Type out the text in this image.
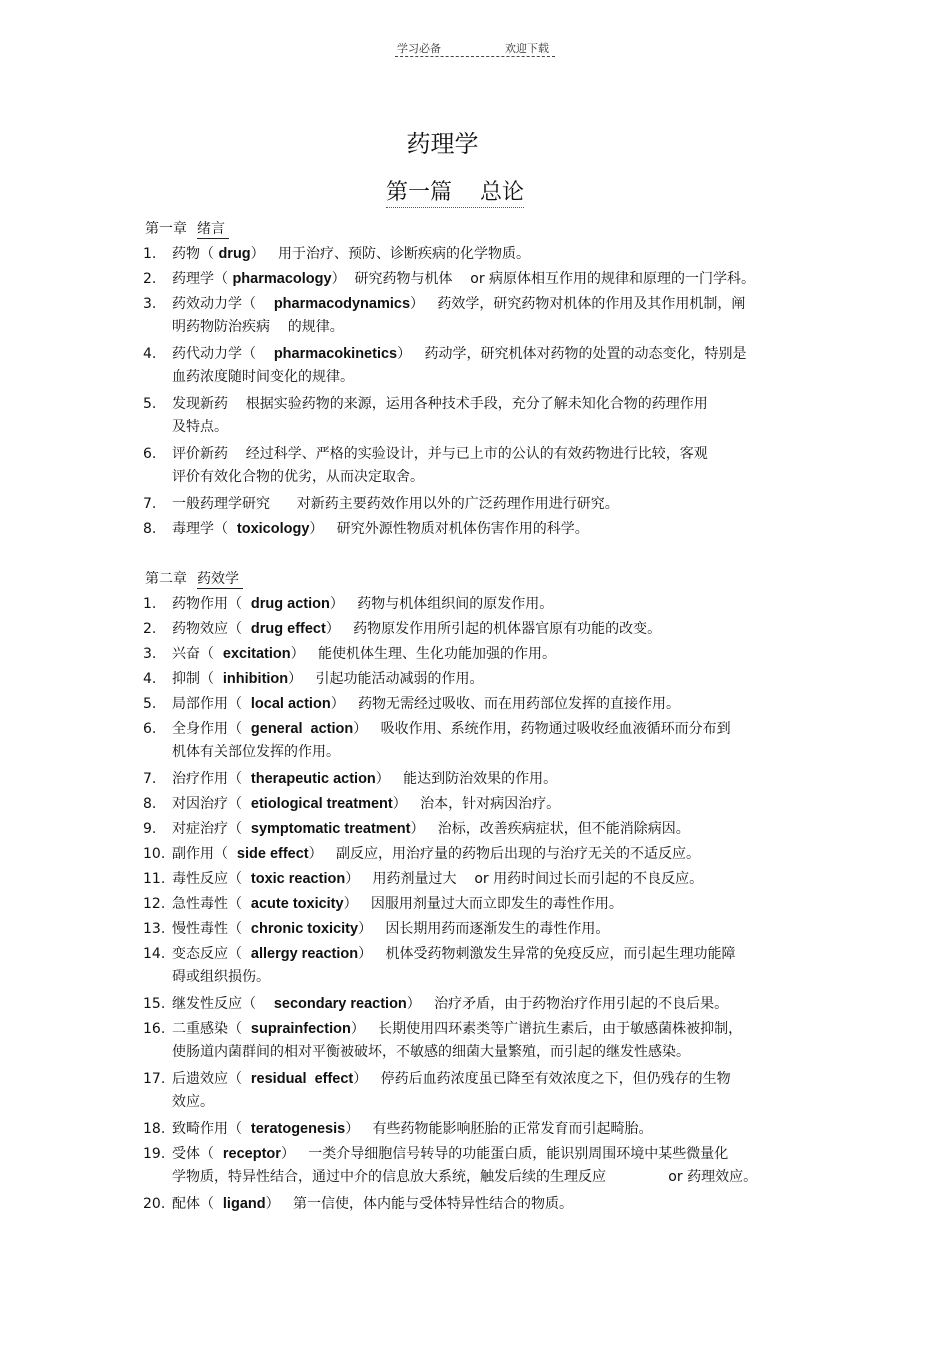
学习必备	欢迎下载
药理学
第一篇    总论
第一章 绪言
1. 药物（ drug）   用于治疗、预防、诊断疾病的化学物质。
2. 药理学（ pharmacology）  研究药物与机体    or 病原体相互作用的规律和原理的一门学科。
3. 药效动力学（    pharmacodynamics）   药效学，研究药物对机体的作用及其作用机制，阐
明药物防治疾病    的规律。
4. 药代动力学（    pharmacokinetics）   药动学，研究机体对药物的处置的动态变化，特别是
血药浓度随时间变化的规律。
5. 发现新药    根据实验药物的来源，运用各种技术手段，充分了解未知化合物的药理作用
及特点。
6. 评价新药    经过科学、严格的实验设计，并与已上市的公认的有效药物进行比较，客观
评价有效化合物的优劣，从而决定取舍。
7. 一般药理学研究      对新药主要药效作用以外的广泛药理作用进行研究。
8. 毒理学（  toxicology）   研究外源性物质对机体伤害作用的科学。
第二章 药效学
1. 药物作用（  drug action）   药物与机体组织间的原发作用。
2. 药物效应（  drug effect）   药物原发作用所引起的机体器官原有功能的改变。
3. 兴奋（  excitation）   能使机体生理、生化功能加强的作用。
4. 抑制（  inhibition）   引起功能活动减弱的作用。
5. 局部作用（  local action）   药物无需经过吸收、而在用药部位发挥的直接作用。
6. 全身作用（  general  action）   吸收作用、系统作用，药物通过吸收经血液循环而分布到
机体有关部位发挥的作用。
7. 治疗作用（  therapeutic action）   能达到防治效果的作用。
8. 对因治疗（  etiological treatment）   治本，针对病因治疗。
9. 对症治疗（  symptomatic treatment）   治标，改善疾病症状，但不能消除病因。
10. 副作用（  side effect）   副反应，用治疗量的药物后出现的与治疗无关的不适反应。
11. 毒性反应（  toxic reaction）   用药剂量过大    or 用药时间过长而引起的不良反应。
12. 急性毒性（  acute toxicity）   因服用剂量过大而立即发生的毒性作用。
13. 慢性毒性（  chronic toxicity）   因长期用药而逐渐发生的毒性作用。
14. 变态反应（  allergy reaction）   机体受药物刺激发生异常的免疫反应，而引起生理功能障
碍或组织损伤。
15. 继发性反应（    secondary reaction）   治疗矛盾，由于药物治疗作用引起的不良后果。
16. 二重感染（  suprainfection）   长期使用四环素类等广谱抗生素后，由于敏感菌株被抑制，
使肠道内菌群间的相对平衡被破坏，不敏感的细菌大量繁殖，而引起的继发性感染。
17. 后遗效应（  residual  effect）   停药后血药浓度虽已降至有效浓度之下，但仍残存的生物
效应。
18. 致畸作用（  teratogenesis）   有些药物能影响胚胎的正常发育而引起畸胎。
19. 受体（  receptor）   一类介导细胞信号转导的功能蛋白质，能识别周围环境中某些微量化
学物质，特异性结合，通过中介的信息放大系统，触发后续的生理反应              or 药理效应。
20. 配体（  ligand）   第一信使，体内能与受体特异性结合的物质。
